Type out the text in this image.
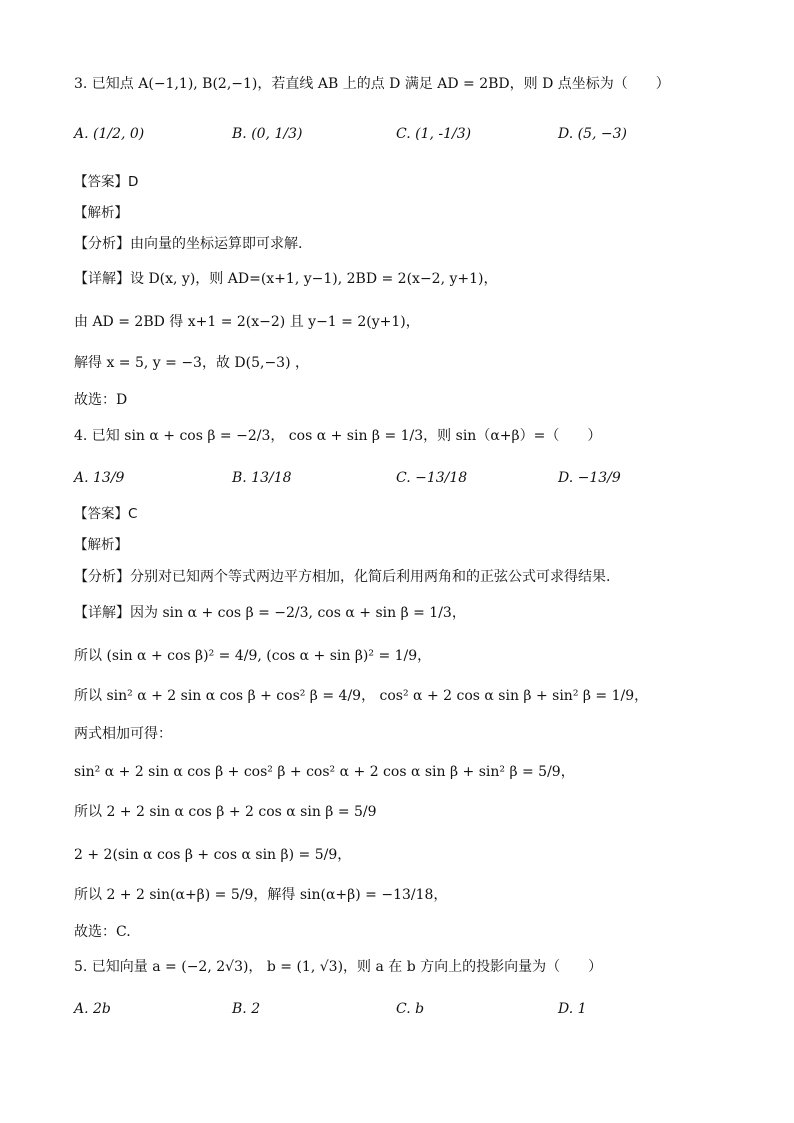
3. 已知点 A(−1,1), B(2,−1)，若直线 AB 上的点 D 满足 AD = 2BD，则 D 点坐标为（　　）
A. (1/2, 0)	B. (0, 1/3)	C. (1, -1/3)	D. (5, −3)
【答案】D
【解析】
【分析】由向量的坐标运算即可求解.
【详解】设 D(x, y)，则 AD=(x+1, y−1), 2BD = 2(x−2, y+1)，
由 AD = 2BD 得 x+1 = 2(x−2) 且 y−1 = 2(y+1)，
解得 x = 5, y = −3，故 D(5,−3) ，
故选：D
4. 已知 sin α + cos β = −2/3， cos α + sin β = 1/3，则 sin（α+β）=（　　）
A. 13/9	B. 13/18	C. −13/18	D. −13/9
【答案】C
【解析】
【分析】分别对已知两个等式两边平方相加，化简后利用两角和的正弦公式可求得结果.
【详解】因为 sin α + cos β = −2/3, cos α + sin β = 1/3，
所以 (sin α + cos β)² = 4/9, (cos α + sin β)² = 1/9，
所以 sin² α + 2 sin α cos β + cos² β = 4/9， cos² α + 2 cos α sin β + sin² β = 1/9，
两式相加可得：
sin² α + 2 sin α cos β + cos² β + cos² α + 2 cos α sin β + sin² β = 5/9，
所以 2 + 2 sin α cos β + 2 cos α sin β = 5/9
2 + 2(sin α cos β + cos α sin β) = 5/9，
所以 2 + 2 sin(α+β) = 5/9，解得 sin(α+β) = −13/18，
故选：C.
5. 已知向量 a = (−2, 2√3)， b = (1, √3)，则 a 在 b 方向上的投影向量为（　　）
A. 2b	B. 2	C. b	D. 1
